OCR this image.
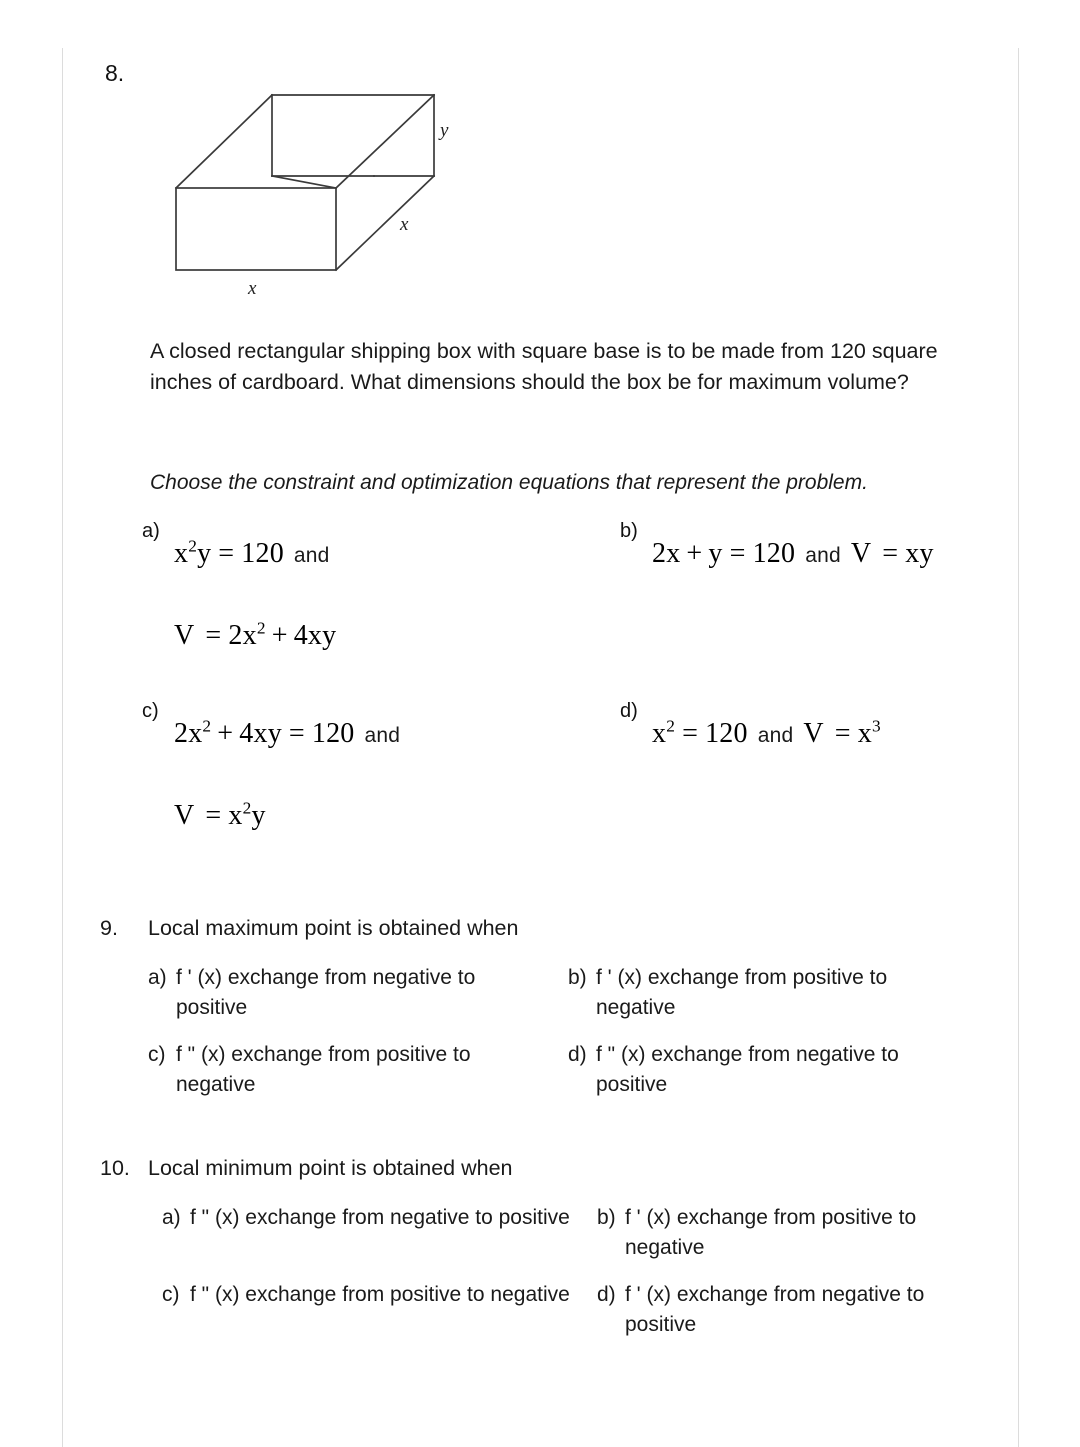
8.
y
x
x
A closed rectangular shipping box with square base is to be made from 120 square inches of cardboard. What dimensions should the box be for maximum volume?
Choose the constraint and optimization equations that represent the problem.
a)
$x^2y = 120$ and
$V = 2x^2 + 4xy$
b)
2x + y = 120 and V = xy
c)
$2x^2 + 4xy = 120$ and
$V = x^2y$
d)
$x^2 = 120$ and $V = x^3$
9.	Local maximum point is obtained when
a) f ' (x) exchange from negative to positive
b) f ' (x) exchange from positive to negative
c) f " (x) exchange from positive to negative
d) f " (x) exchange from negative to positive
10. Local minimum point is obtained when
a) f " (x) exchange from negative to positive b) f ' (x) exchange from positive to negative
c) f " (x) exchange from positive to negative d) f ' (x) exchange from negative to positive
